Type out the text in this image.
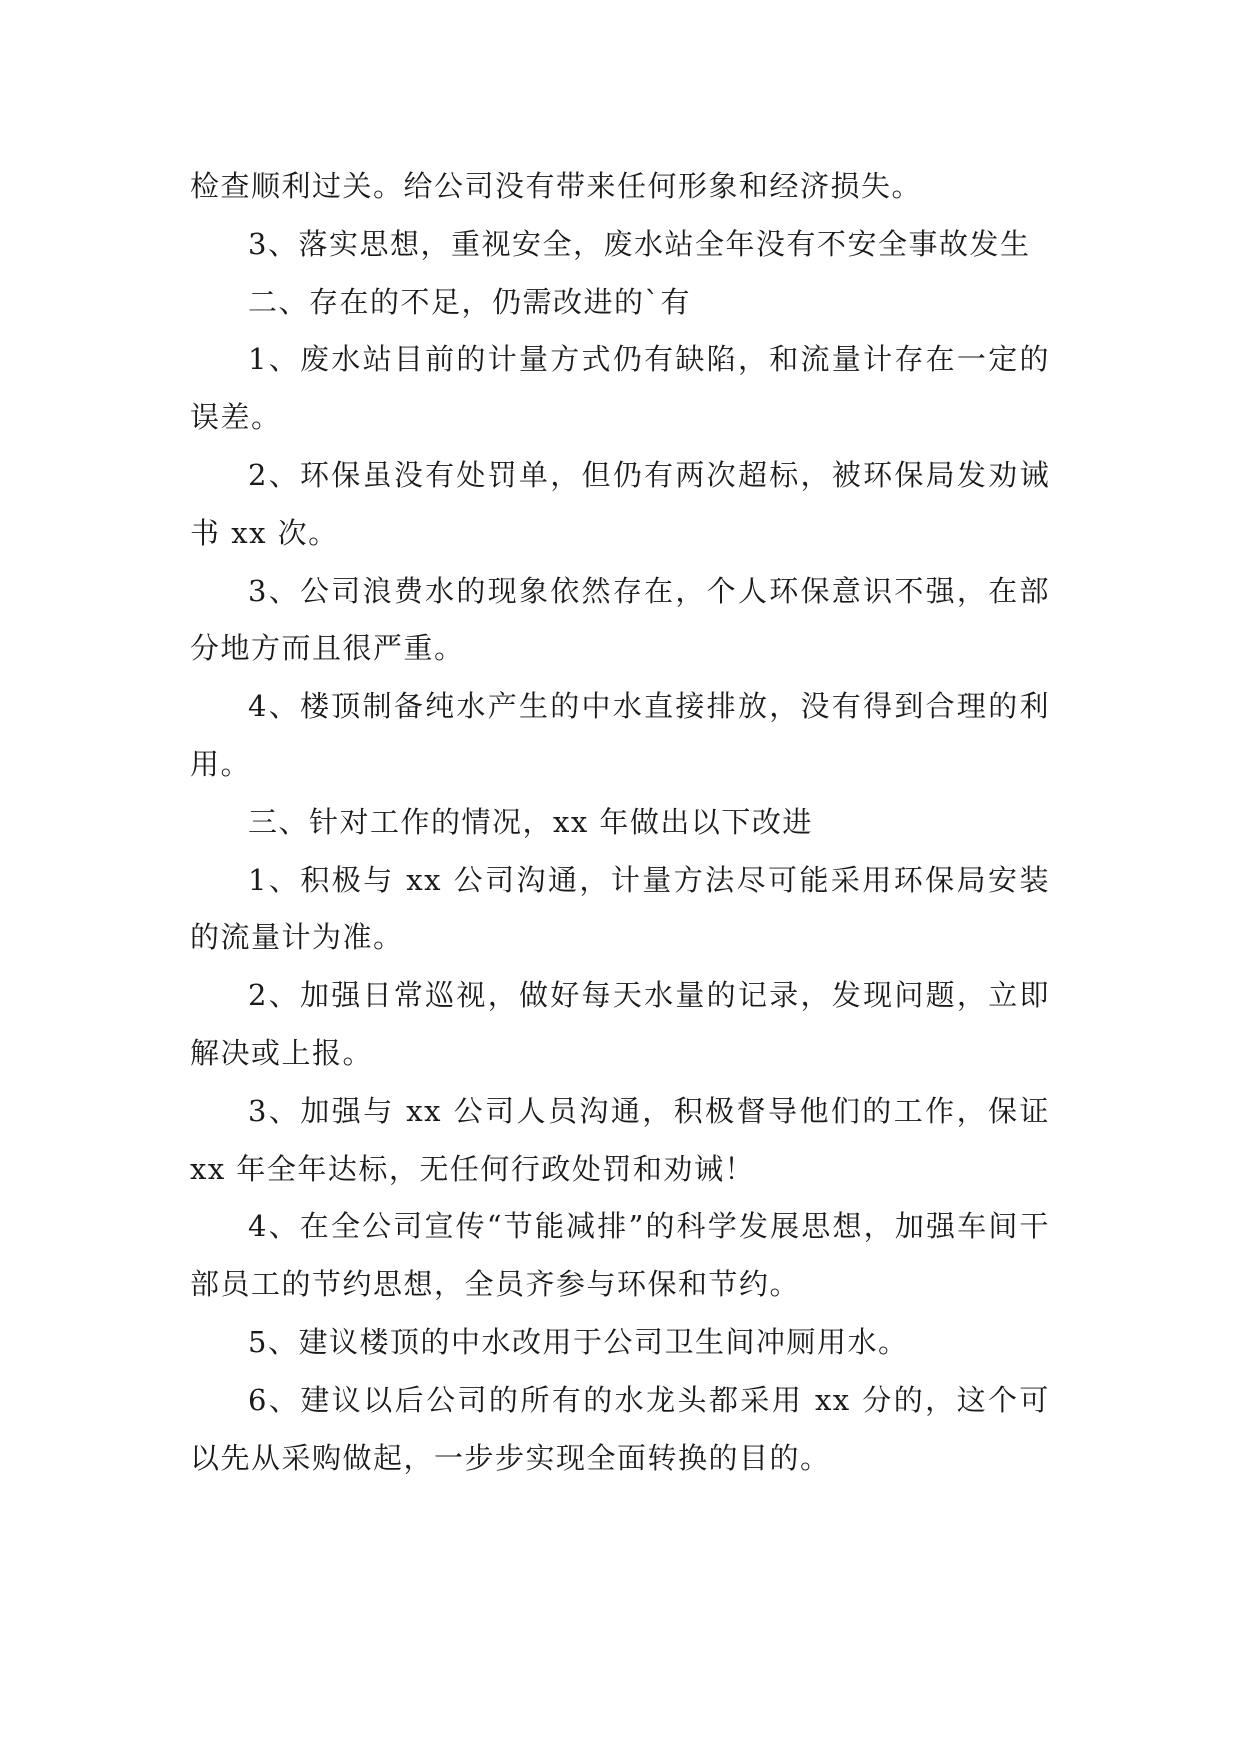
检查顺利过关。给公司没有带来任何形象和经济损失。

3、落实思想，重视安全，废水站全年没有不安全事故发生

二、存在的不足，仍需改进的`有

1、废水站目前的计量方式仍有缺陷，和流量计存在一定的误差。

2、环保虽没有处罚单，但仍有两次超标，被环保局发劝诫书 xx 次。

3、公司浪费水的现象依然存在，个人环保意识不强，在部分地方而且很严重。

4、楼顶制备纯水产生的中水直接排放，没有得到合理的利用。

三、针对工作的情况，xx 年做出以下改进

1、积极与 xx 公司沟通，计量方法尽可能采用环保局安装的流量计为准。

2、加强日常巡视，做好每天水量的记录，发现问题，立即解决或上报。

3、加强与 xx 公司人员沟通，积极督导他们的工作，保证 xx 年全年达标，无任何行政处罚和劝诫！

4、在全公司宣传“节能减排”的科学发展思想，加强车间干部员工的节约思想，全员齐参与环保和节约。

5、建议楼顶的中水改用于公司卫生间冲厕用水。

6、建议以后公司的所有的水龙头都采用 xx 分的，这个可以先从采购做起，一步步实现全面转换的目的。
